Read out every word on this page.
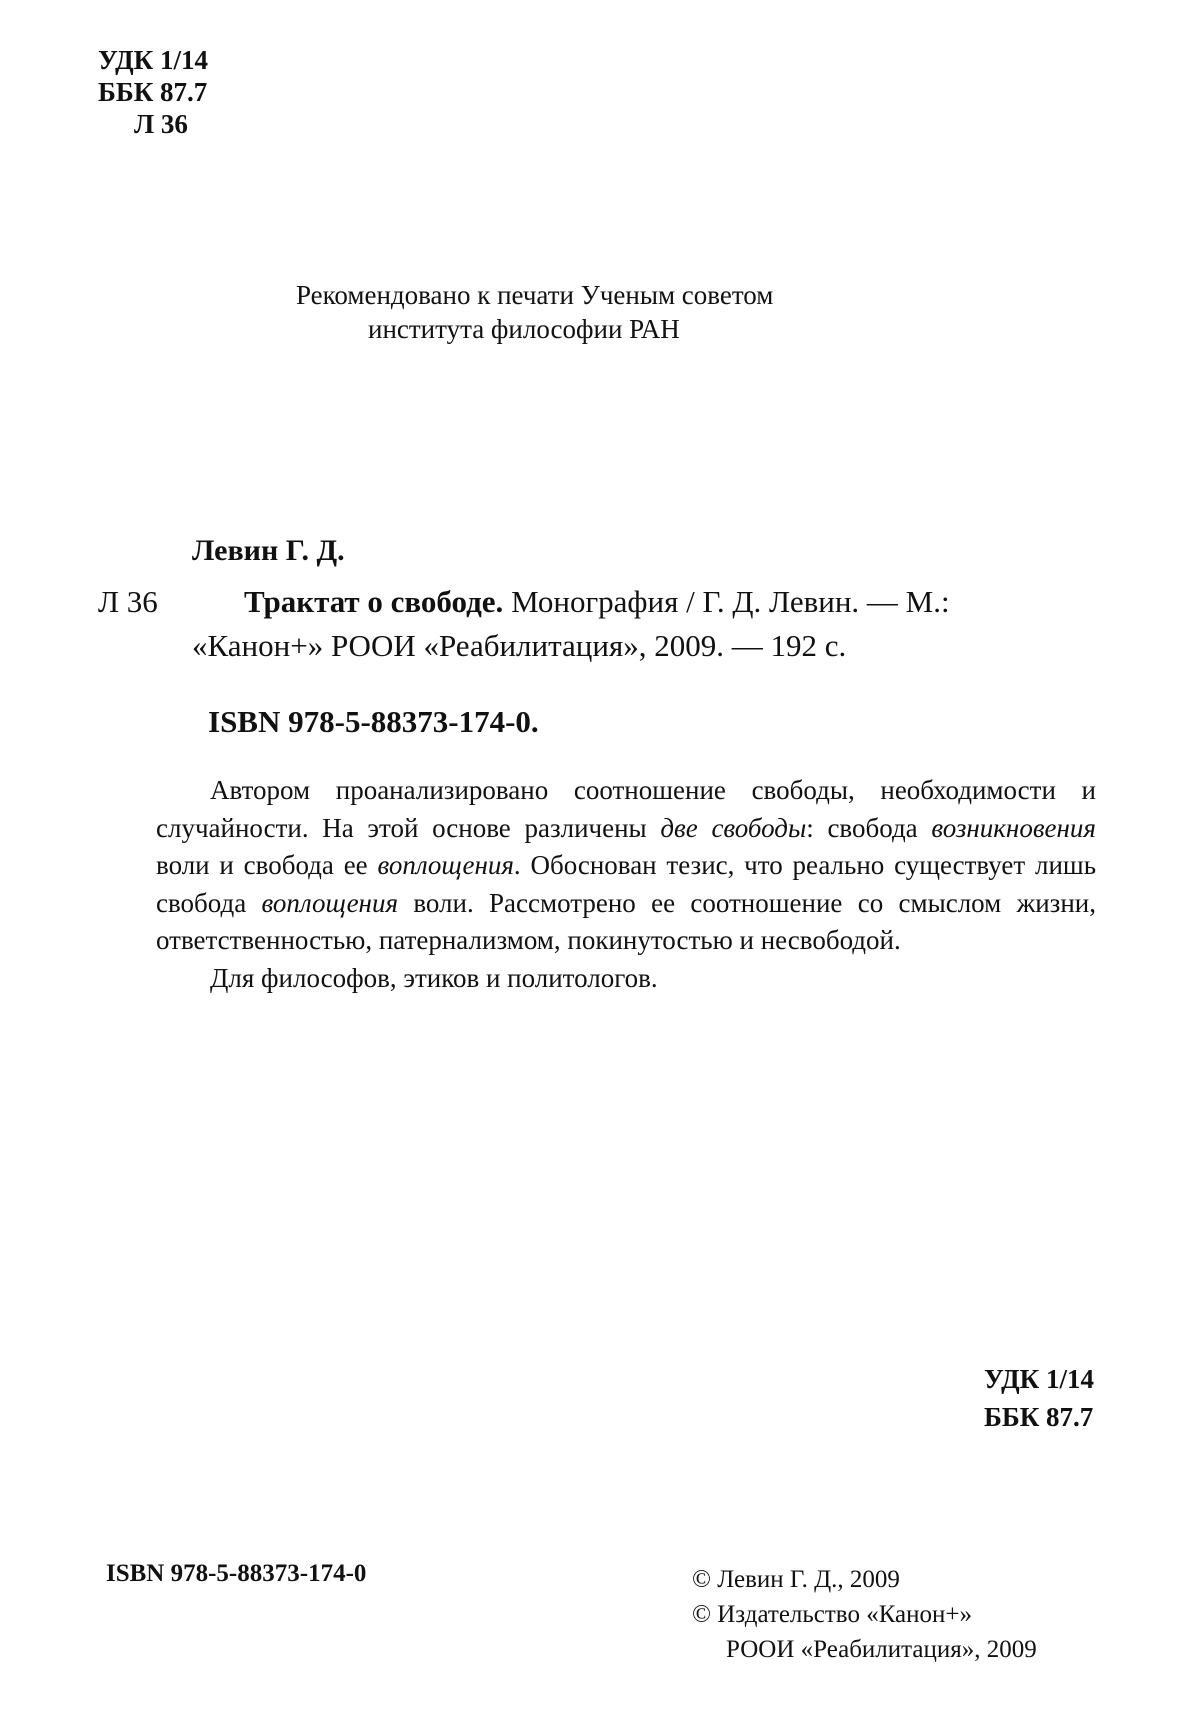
УДК 1/14
ББК 87.7
Л 36
Рекомендовано к печати Ученым советом
института философии РАН
Левин Г. Д.
Л 36	Трактат о свободе. Монография / Г. Д. Левин. — М.:
«Канон+» РООИ «Реабилитация», 2009. — 192 с.
ISBN 978-5-88373-174-0.

Автором проанализировано соотношение свободы, необходимости и случайности. На этой основе различены две свободы: свобода возникновения воли и свобода ее воплощения. Обоснован тезис, что реально существует лишь свобода воплощения воли. Рассмотрено ее соотношение со смыслом жизни, ответственностью, патернализмом, покинутостью и несвободой.

Для философов, этиков и политологов.

УДК 1/14
ББК 87.7
ISBN 978-5-88373-174-0	© Левин Г. Д., 2009
© Издательство «Канон+»
РООИ «Реабилитация», 2009
